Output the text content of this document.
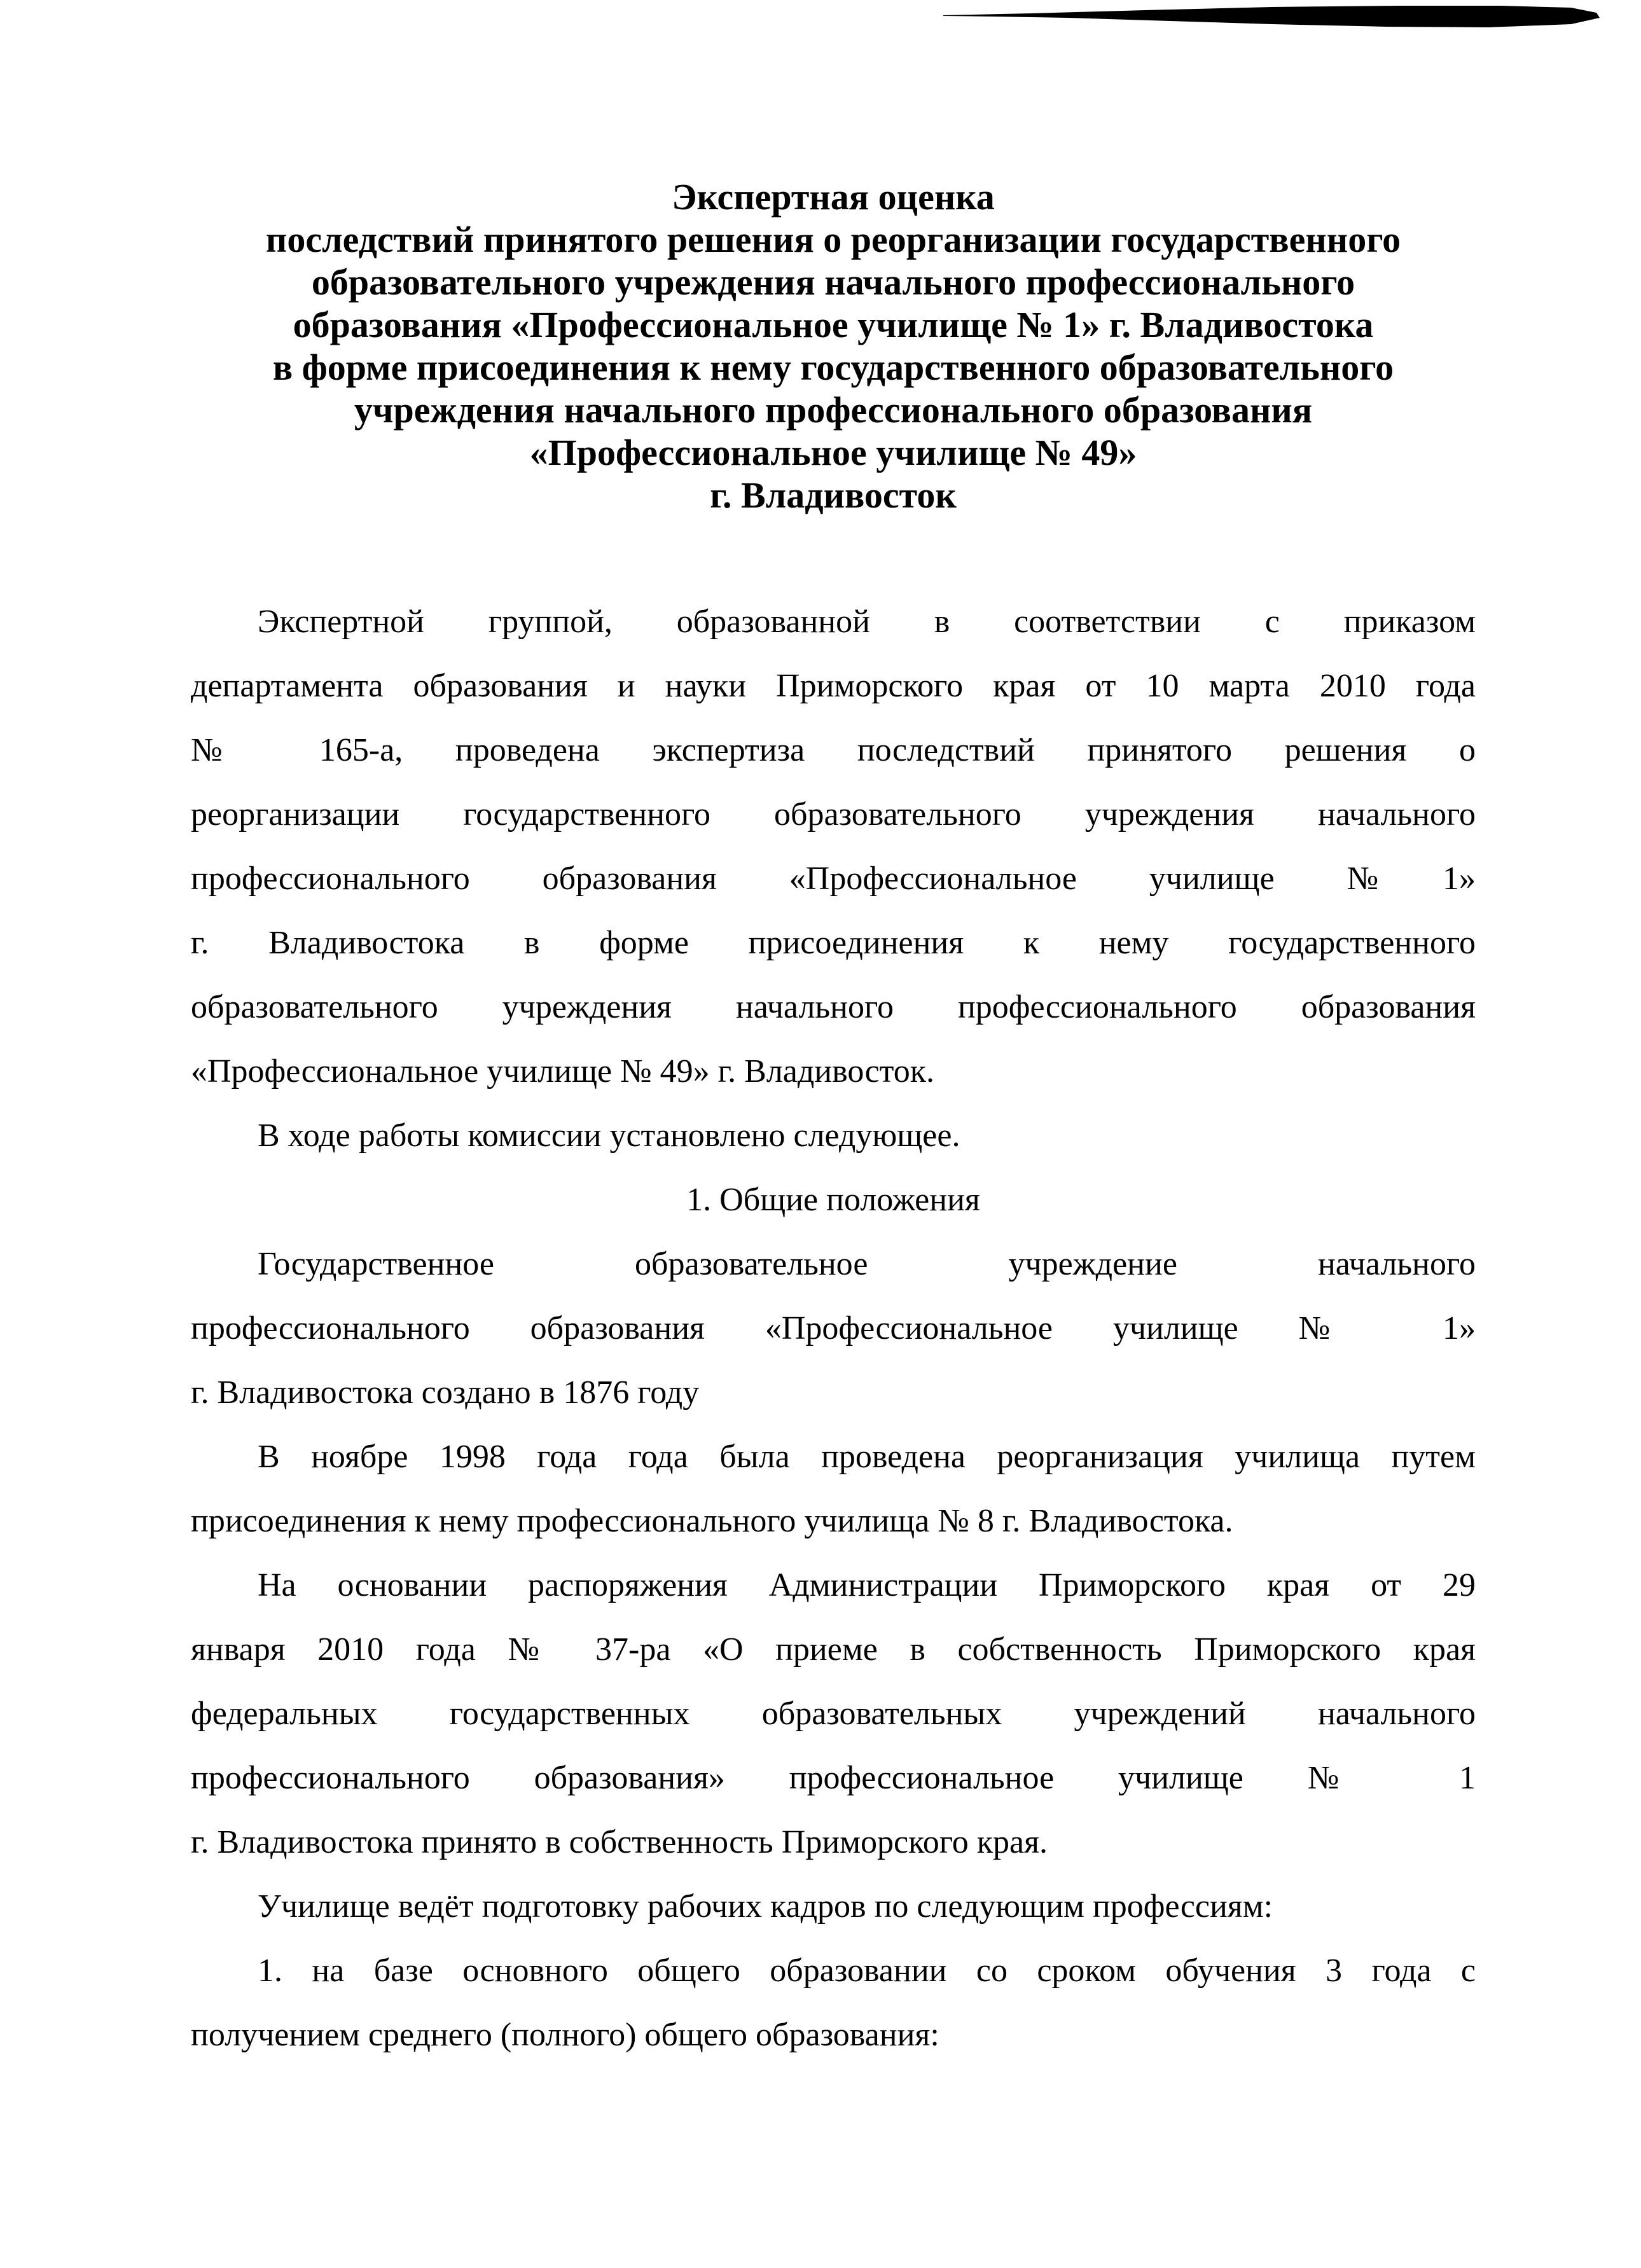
Экспертная оценка
последствий принятого решения о реорганизации государственного
образовательного учреждения начального профессионального
образования «Профессиональное училище № 1» г. Владивостока
в форме присоединения к нему государственного образовательного
учреждения начального профессионального образования
«Профессиональное училище № 49»
г. Владивосток
Экспертной группой, образованной в соответствии с приказом
департамента образования и науки Приморского края от 10 марта 2010 года
№ 165-а, проведена экспертиза последствий принятого решения о
реорганизации государственного образовательного учреждения начального
профессионального образования «Профессиональное училище №1»
г. Владивостока в форме присоединения к нему государственного
образовательного учреждения начального профессионального образования
«Профессиональное училище № 49» г. Владивосток.
В ходе работы комиссии установлено следующее.
1. Общие положения
Государственное образовательное учреждение начального
профессионального образования «Профессиональное училище № 1»
г. Владивостока создано в 1876 году
В ноябре 1998 года года была проведена реорганизация училища путем
присоединения к нему профессионального училища № 8 г. Владивостока.
На основании распоряжения Администрации Приморского края от 29
января 2010 года № 37-ра «О приеме в собственность Приморского края
федеральных государственных образовательных учреждений начального
профессионального образования» профессиональное училище № 1
г. Владивостока принято в собственность Приморского края.
Училище ведёт подготовку рабочих кадров по следующим профессиям:
1. на базе основного общего образовании со сроком обучения 3 года с
получением среднего (полного) общего образования:
